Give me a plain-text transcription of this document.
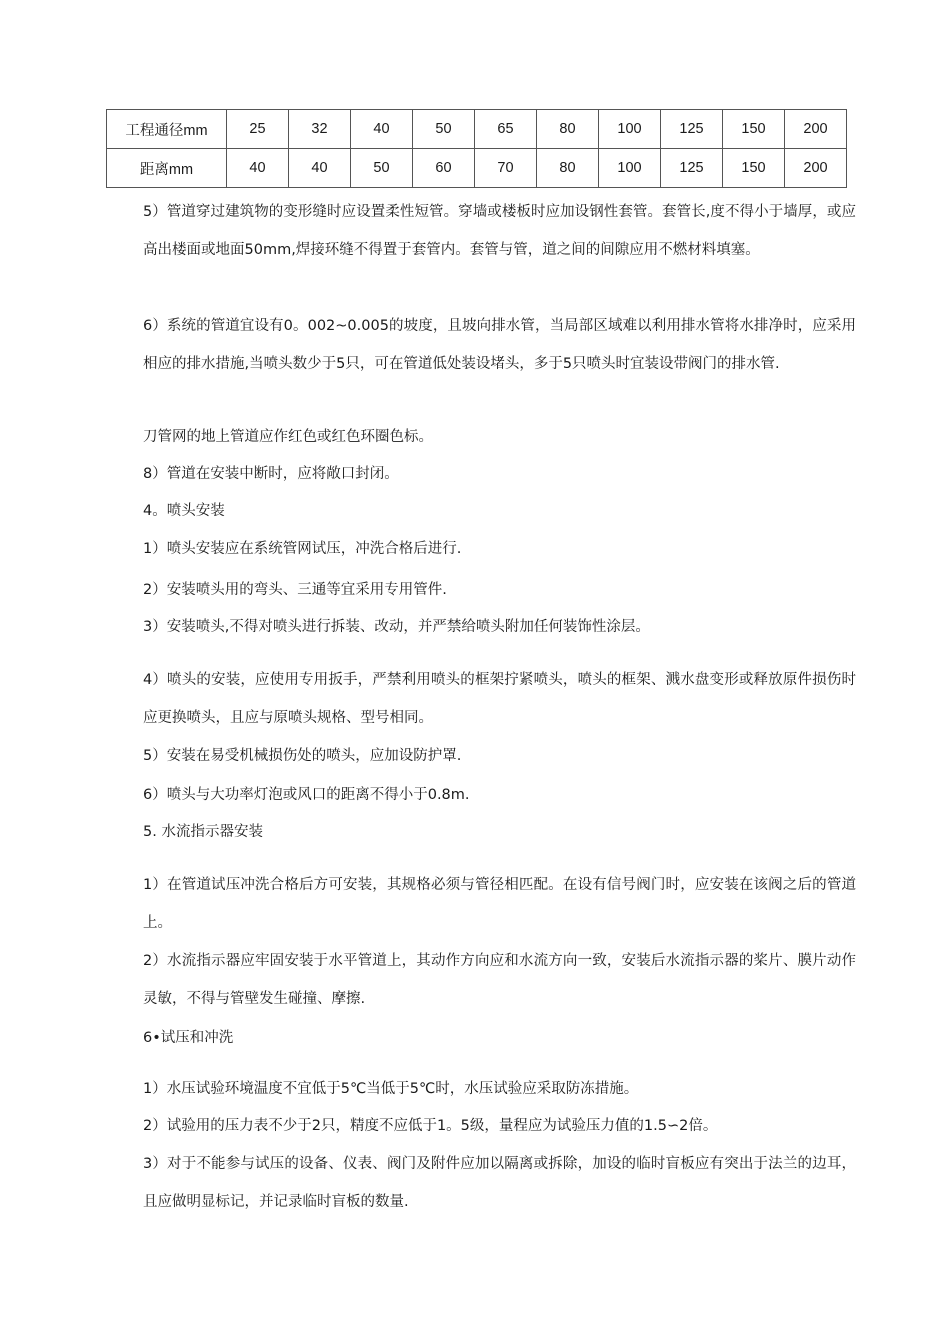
工程通径mm	25	32	40	50	65	80	100	125	150	200
距离mm	40	40	50	60	70	80	100	125	150	200

5）管道穿过建筑物的变形缝时应设置柔性短管。穿墙或楼板时应加设钢性套管。套管长,度不得小于墙厚，或应高出楼面或地面50mm,焊接环缝不得置于套管内。套管与管，道之间的间隙应用不燃材料填塞。

6）系统的管道宜设有0。002~0.005的坡度，且坡向排水管，当局部区域难以利用排水管将水排净时，应采用相应的排水措施,当喷头数少于5只，可在管道低处装设堵头，多于5只喷头时宜装设带阀门的排水管.

刀管网的地上管道应作红色或红色环圈色标。

8）管道在安装中断时，应将敞口封闭。

4。喷头安装

1）喷头安装应在系统管网试压，冲洗合格后进行.

2）安装喷头用的弯头、三通等宜采用专用管件.

3）安装喷头,不得对喷头进行拆装、改动，并严禁给喷头附加任何装饰性涂层。

4）喷头的安装，应使用专用扳手，严禁利用喷头的框架拧紧喷头，喷头的框架、溅水盘变形或释放原件损伤时应更换喷头，且应与原喷头规格、型号相同。

5）安装在易受机械损伤处的喷头，应加设防护罩.

6）喷头与大功率灯泡或风口的距离不得小于0.8m.

5. 水流指示器安装

1）在管道试压冲洗合格后方可安装，其规格必须与管径相匹配。在设有信号阀门时，应安装在该阀之后的管道上。

2）水流指示器应牢固安装于水平管道上，其动作方向应和水流方向一致，安装后水流指示器的桨片、膜片动作灵敏，不得与管壁发生碰撞、摩擦.

6•试压和冲洗

1）水压试验环境温度不宜低于5℃当低于5℃时，水压试验应采取防冻措施。

2）试验用的压力表不少于2只，精度不应低于1。5级，量程应为试验压力值的1.5∽2倍。

3）对于不能参与试压的设备、仪表、阀门及附件应加以隔离或拆除，加设的临时盲板应有突出于法兰的边耳，且应做明显标记，并记录临时盲板的数量.
